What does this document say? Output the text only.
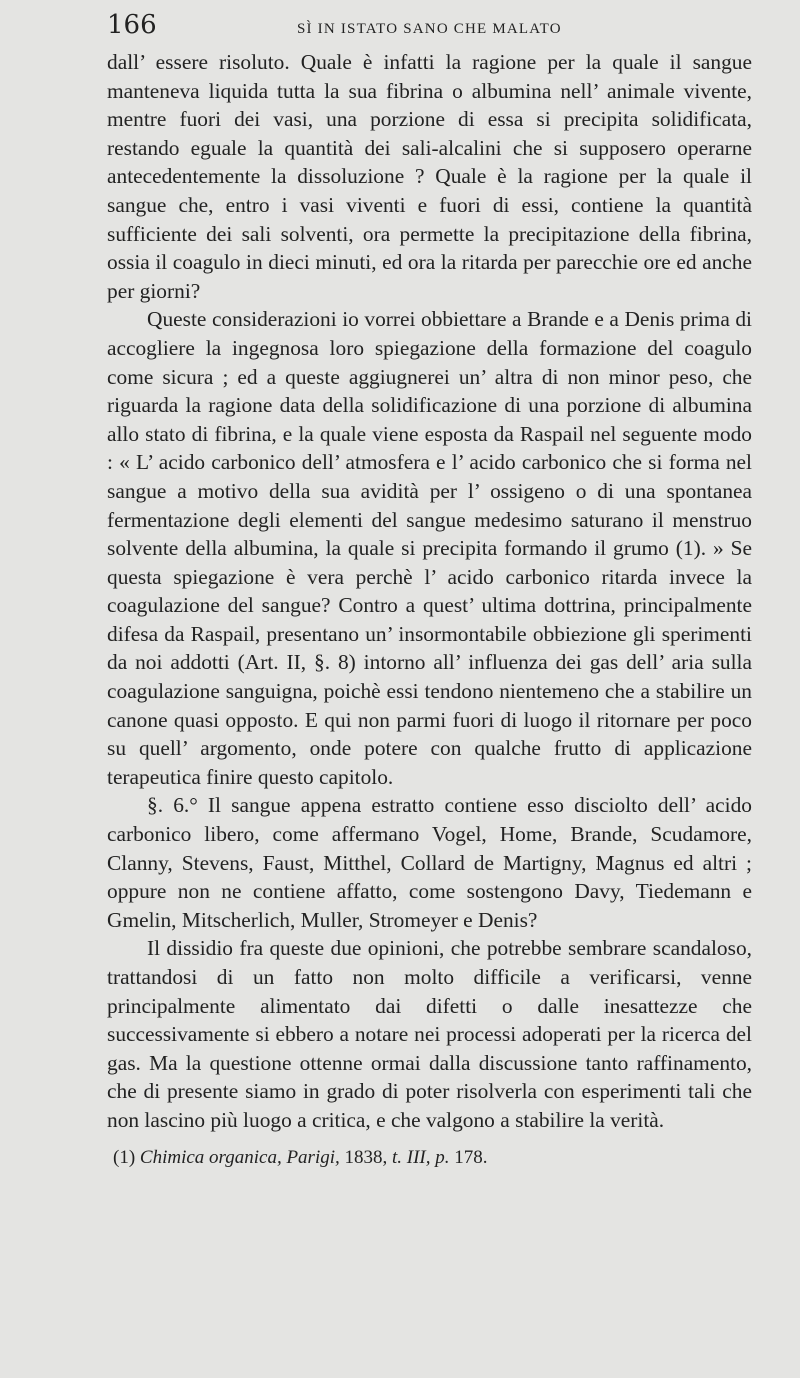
166	SÌ IN ISTATO SANO CHE MALATO

dall’ essere risoluto. Quale è infatti la ragione per la quale il sangue manteneva liquida tutta la sua fibrina o albumina nell’ animale vivente, mentre fuori dei vasi, una porzione di essa si precipita solidificata, restando eguale la quantità dei sali-alcalini che si supposero operarne antecedentemente la dissoluzione ? Quale è la ragione per la quale il sangue che, entro i vasi viventi e fuori di essi, contiene la quantità sufficiente dei sali solventi, ora permette la precipitazione della fibrina, ossia il coagulo in dieci minuti, ed ora la ritarda per parecchie ore ed anche per giorni?

Queste considerazioni io vorrei obbiettare a Brande e a Denis prima di accogliere la ingegnosa loro spiegazione della formazione del coagulo come sicura ; ed a queste aggiugnerei un’ altra di non minor peso, che riguarda la ragione data della solidificazione di una porzione di albumina allo stato di fibrina, e la quale viene esposta da Raspail nel seguente modo : « L’ acido carbonico dell’ atmosfera e l’ acido carbonico che si forma nel sangue a motivo della sua avidità per l’ ossigeno o di una spontanea fermentazione degli elementi del sangue medesimo saturano il menstruo solvente della albumina, la quale si precipita formando il grumo (1). » Se questa spiegazione è vera perchè l’ acido carbonico ritarda invece la coagulazione del sangue? Contro a quest’ ultima dottrina, principalmente difesa da Raspail, presentano un’ insormontabile obbiezione gli sperimenti da noi addotti (Art. II, §. 8) intorno all’ influenza dei gas dell’ aria sulla coagulazione sanguigna, poichè essi tendono nientemeno che a stabilire un canone quasi opposto. E qui non parmi fuori di luogo il ritornare per poco su quell’ argomento, onde potere con qualche frutto di applicazione terapeutica finire questo capitolo.

§. 6.° Il sangue appena estratto contiene esso disciolto dell’ acido carbonico libero, come affermano Vogel, Home, Brande, Scudamore, Clanny, Stevens, Faust, Mitthel, Collard de Martigny, Magnus ed altri ; oppure non ne contiene affatto, come sostengono Davy, Tiedemann e Gmelin, Mitscherlich, Muller, Stromeyer e Denis?

Il dissidio fra queste due opinioni, che potrebbe sembrare scandaloso, trattandosi di un fatto non molto difficile a verificarsi, venne principalmente alimentato dai difetti o dalle inesattezze che successivamente si ebbero a notare nei processi adoperati per la ricerca del gas. Ma la questione ottenne ormai dalla discussione tanto raffinamento, che di presente siamo in grado di poter risolverla con esperimenti tali che non lascino più luogo a critica, e che valgono a stabilire la verità.

(1) Chimica organica, Parigi, 1838, t. III, p. 178.
